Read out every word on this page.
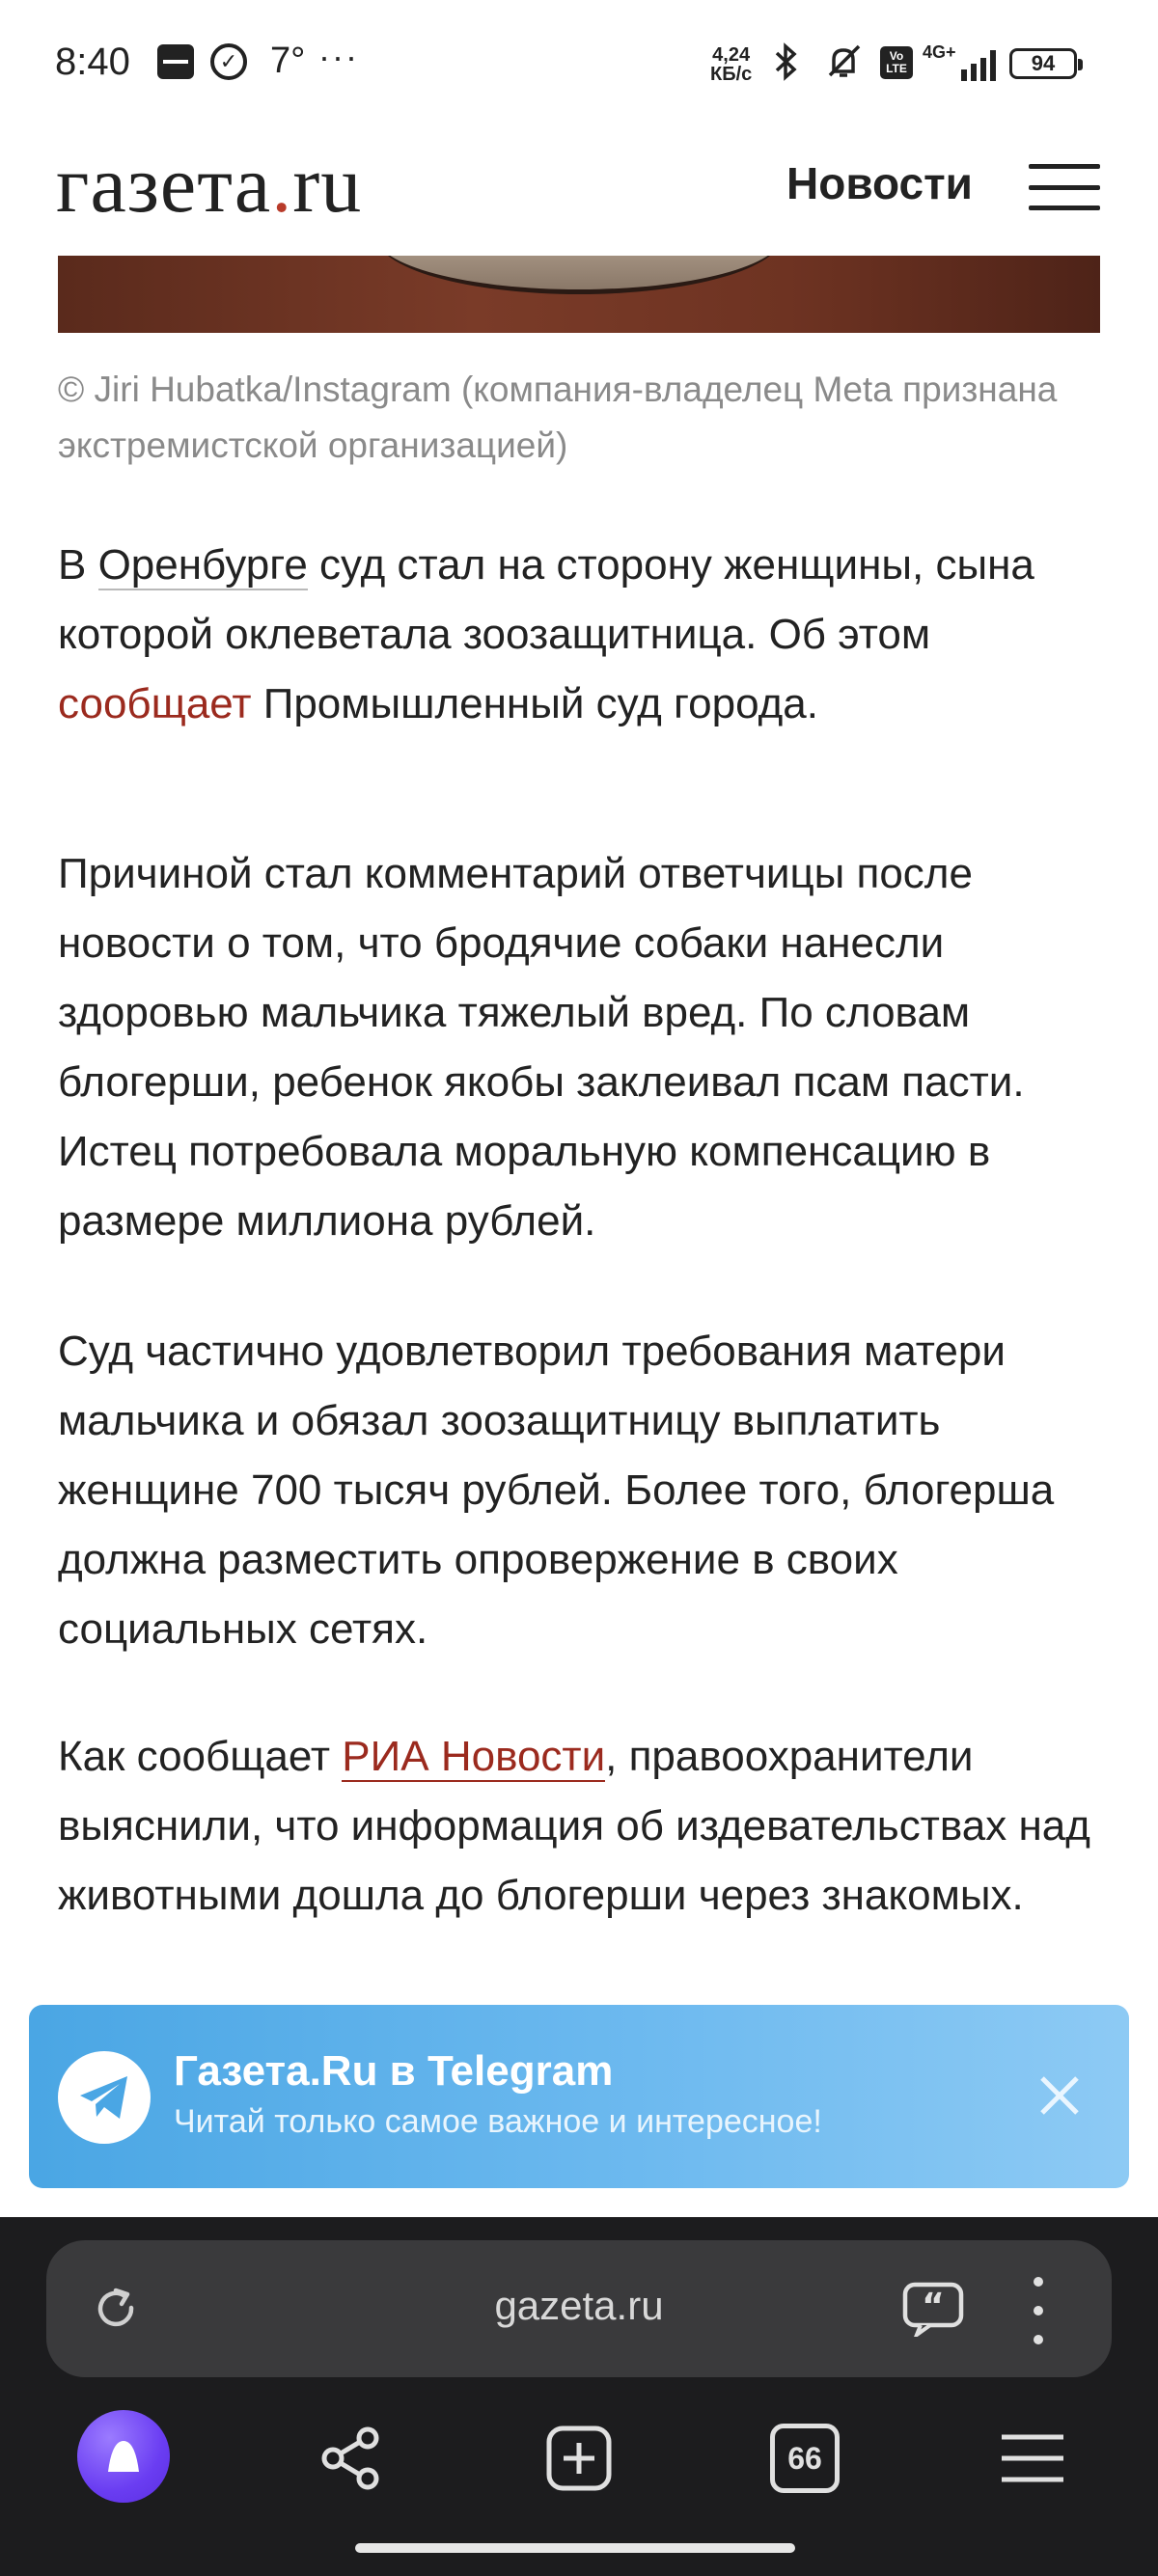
8:40	✓ 7° ···	4,24
КБ/с
Vo LTE
4G+	94
газета.ru	Новости
© Jiri Hubatka/Instagram (компания-владелец Meta признана экстремистской организацией)
В Оренбурге суд стал на сторону женщины, сына которой оклеветала зоозащитница. Об этом сообщает Промышленный суд города.
Причиной стал комментарий ответчицы после новости о том, что бродячие собаки нанесли здоровью мальчика тяжелый вред. По словам блогерши, ребенок якобы заклеивал псам пасти. Истец потребовала моральную компенсацию в размере миллиона рублей.
Суд частично удовлетворил требования матери мальчика и обязал зоозащитницу выплатить женщине 700 тысяч рублей. Более того, блогерша должна разместить опровержение в своих социальных сетях.
Как сообщает РИА Новости, правоохранители выяснили, что информация об издевательствах над животными дошла до блогерши через знакомых.
Газета.Ru в Telegram
Читай только самое важное и интересное!
gazeta.ru	“
66
